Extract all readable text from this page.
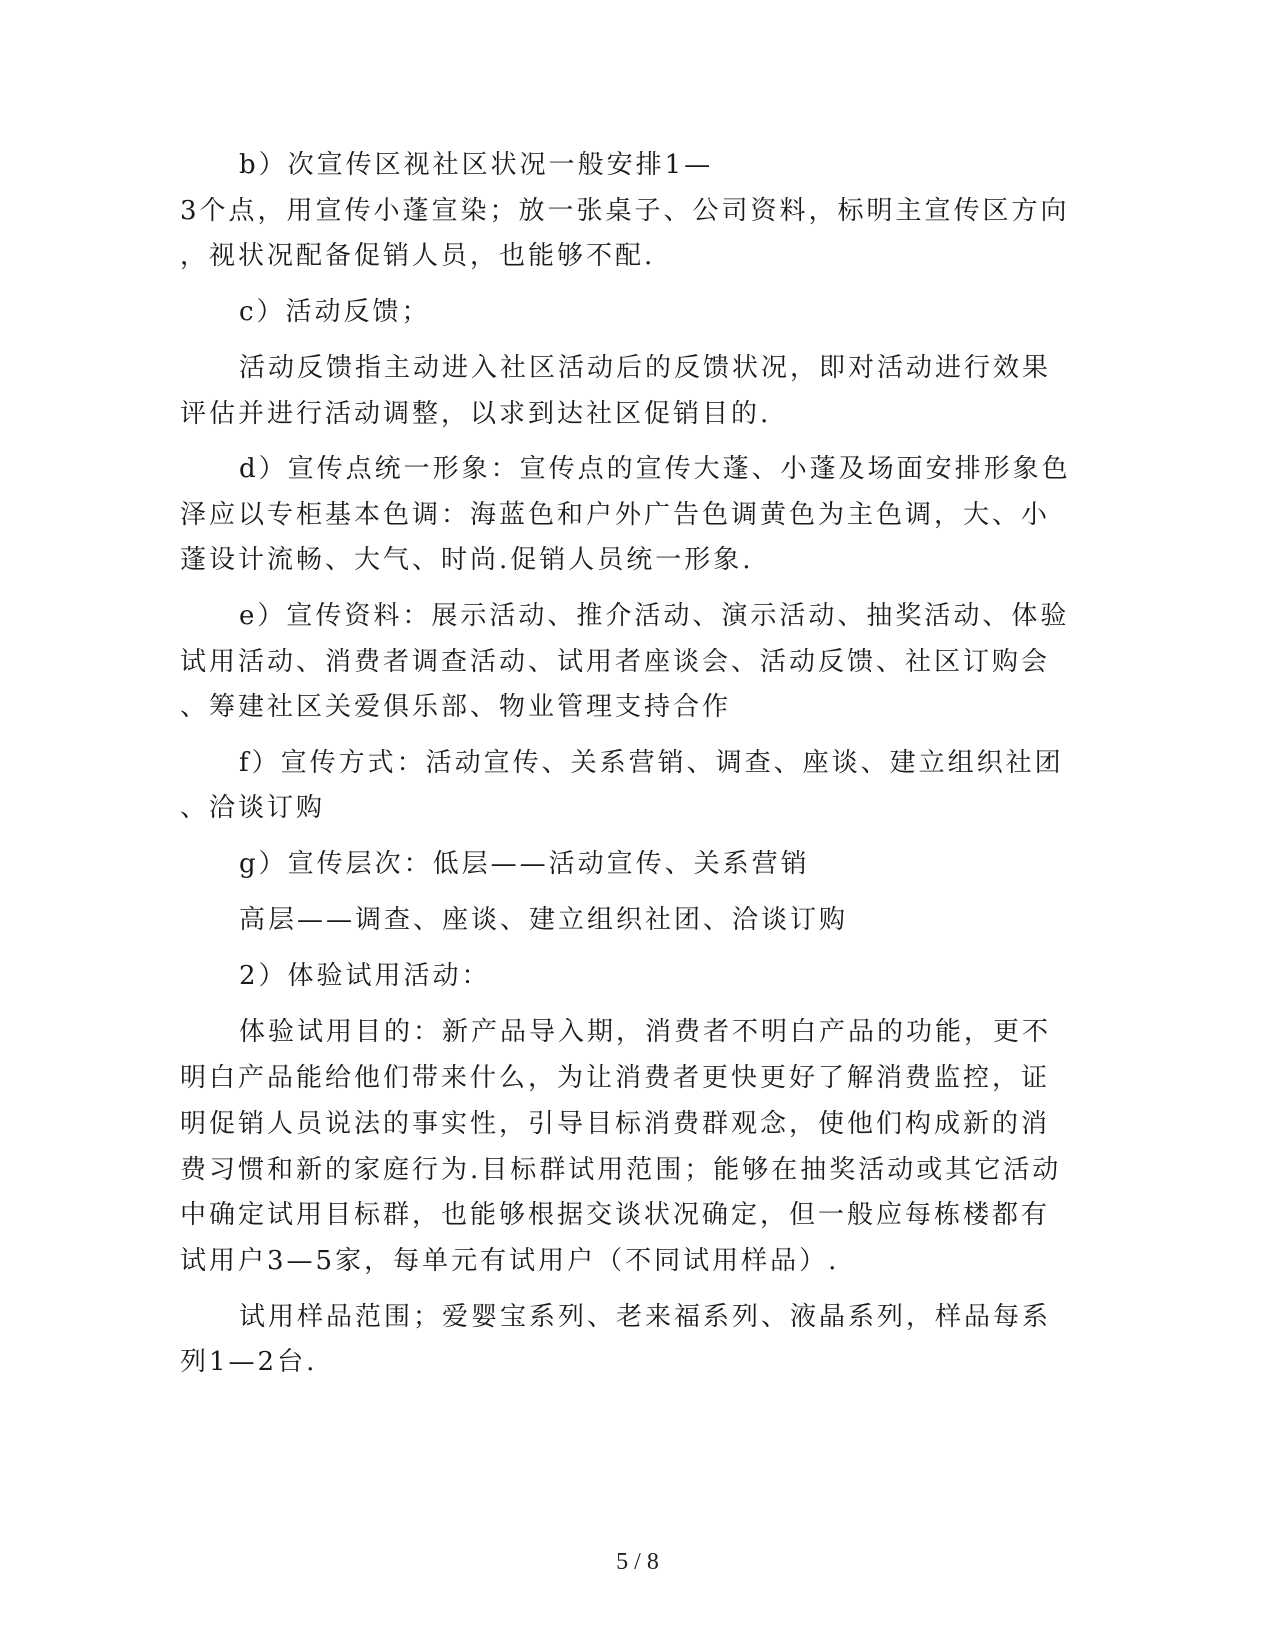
b）次宣传区视社区状况一般安排1—

3个点，用宣传小蓬宣染；放一张桌子、公司资料，标明主宣传区方向

，视状况配备促销人员，也能够不配.

c）活动反馈；

活动反馈指主动进入社区活动后的反馈状况，即对活动进行效果

评估并进行活动调整，以求到达社区促销目的.

d）宣传点统一形象：宣传点的宣传大蓬、小蓬及场面安排形象色

泽应以专柜基本色调：海蓝色和户外广告色调黄色为主色调，大、小

蓬设计流畅、大气、时尚.促销人员统一形象.

e）宣传资料：展示活动、推介活动、演示活动、抽奖活动、体验

试用活动、消费者调查活动、试用者座谈会、活动反馈、社区订购会

、筹建社区关爱俱乐部、物业管理支持合作

f）宣传方式：活动宣传、关系营销、调查、座谈、建立组织社团

、洽谈订购

g）宣传层次：低层——活动宣传、关系营销

高层——调查、座谈、建立组织社团、洽谈订购

2）体验试用活动：

体验试用目的：新产品导入期，消费者不明白产品的功能，更不

明白产品能给他们带来什么，为让消费者更快更好了解消费监控，证

明促销人员说法的事实性，引导目标消费群观念，使他们构成新的消

费习惯和新的家庭行为.目标群试用范围；能够在抽奖活动或其它活动

中确定试用目标群，也能够根据交谈状况确定，但一般应每栋楼都有

试用户3—5家，每单元有试用户（不同试用样品）.

试用样品范围；爱婴宝系列、老来福系列、液晶系列，样品每系

列1—2台.

5 / 8
